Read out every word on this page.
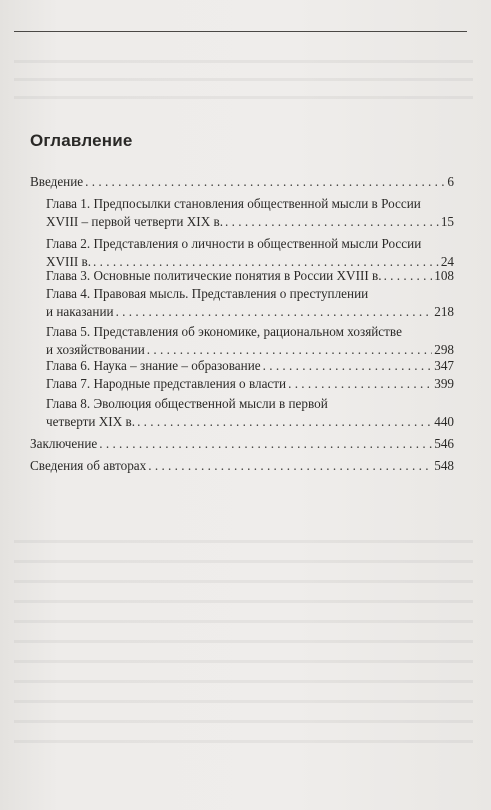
Оглавление
Введение . . .	6
Глава 1. Предпосылки становления общественной мысли в России
XVIII – первой четверти XIX в. . . .	15
Глава 2. Представления о личности в общественной мысли России
XVIII в. . . .	24
Глава 3. Основные политические понятия в России XVIII в. . . .	108
Глава 4. Правовая мысль. Представления о преступлении
и наказании . . .	218
Глава 5. Представления об экономике, рациональном хозяйстве
и хозяйствовании . . .	298
Глава 6. Наука – знание – образование . . .	347
Глава 7. Народные представления о власти . . .	399
Глава 8. Эволюция общественной мысли в первой
четверти XIX в. . . .	440
Заключение . . .	546
Сведения об авторах . . .	548
